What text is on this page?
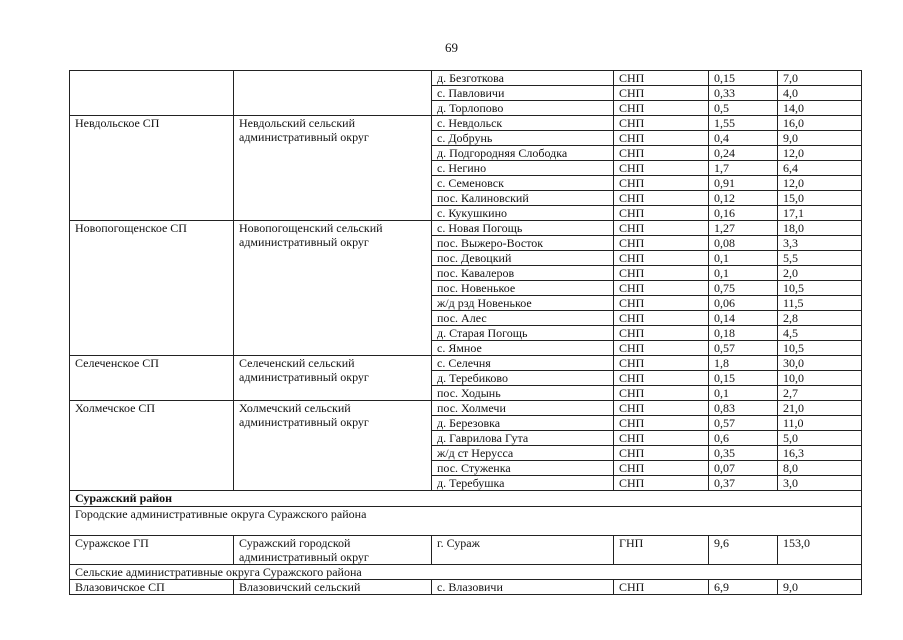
69
		д. Безготкова	СНП	0,15	7,0
		с. Павловичи	СНП	0,33	4,0
		д. Торлопово	СНП	0,5	14,0
Невдольское СП	Невдольский сельский административный округ	с. Невдольск	СНП	1,55	16,0
		с. Добрунь	СНП	0,4	9,0
		д. Подгородняя Слободка	СНП	0,24	12,0
		с. Негино	СНП	1,7	6,4
		с. Семеновск	СНП	0,91	12,0
		пос. Калиновский	СНП	0,12	15,0
		с. Кукушкино	СНП	0,16	17,1
Новопогощенское СП	Новопогощенский сельский административный округ	с. Новая Погощь	СНП	1,27	18,0
		пос. Выжеро-Восток	СНП	0,08	3,3
		пос. Девоцкий	СНП	0,1	5,5
		пос. Кавалеров	СНП	0,1	2,0
		пос. Новенькое	СНП	0,75	10,5
		ж/д рзд Новенькое	СНП	0,06	11,5
		пос. Алес	СНП	0,14	2,8
		д. Старая Погощь	СНП	0,18	4,5
		с. Ямное	СНП	0,57	10,5
Селеченское СП	Селеченский сельский административный округ	с. Селечня	СНП	1,8	30,0
		д. Теребиково	СНП	0,15	10,0
		пос. Ходынь	СНП	0,1	2,7
Холмечское СП	Холмечский сельский административный округ	пос. Холмечи	СНП	0,83	21,0
		д. Березовка	СНП	0,57	11,0
		д. Гаврилова Гута	СНП	0,6	5,0
		ж/д ст Нерусса	СНП	0,35	16,3
		пос. Стуженка	СНП	0,07	8,0
		д. Теребушка	СНП	0,37	3,0
Суражский район					
Городские административные округа Суражского района					
Суражское ГП	Суражский городской административный округ	г. Сураж	ГНП	9,6	153,0
Сельские административные округа Суражского района					
Влазовичское СП	Влазовичский сельский	с. Влазовичи	СНП	6,9	9,0
